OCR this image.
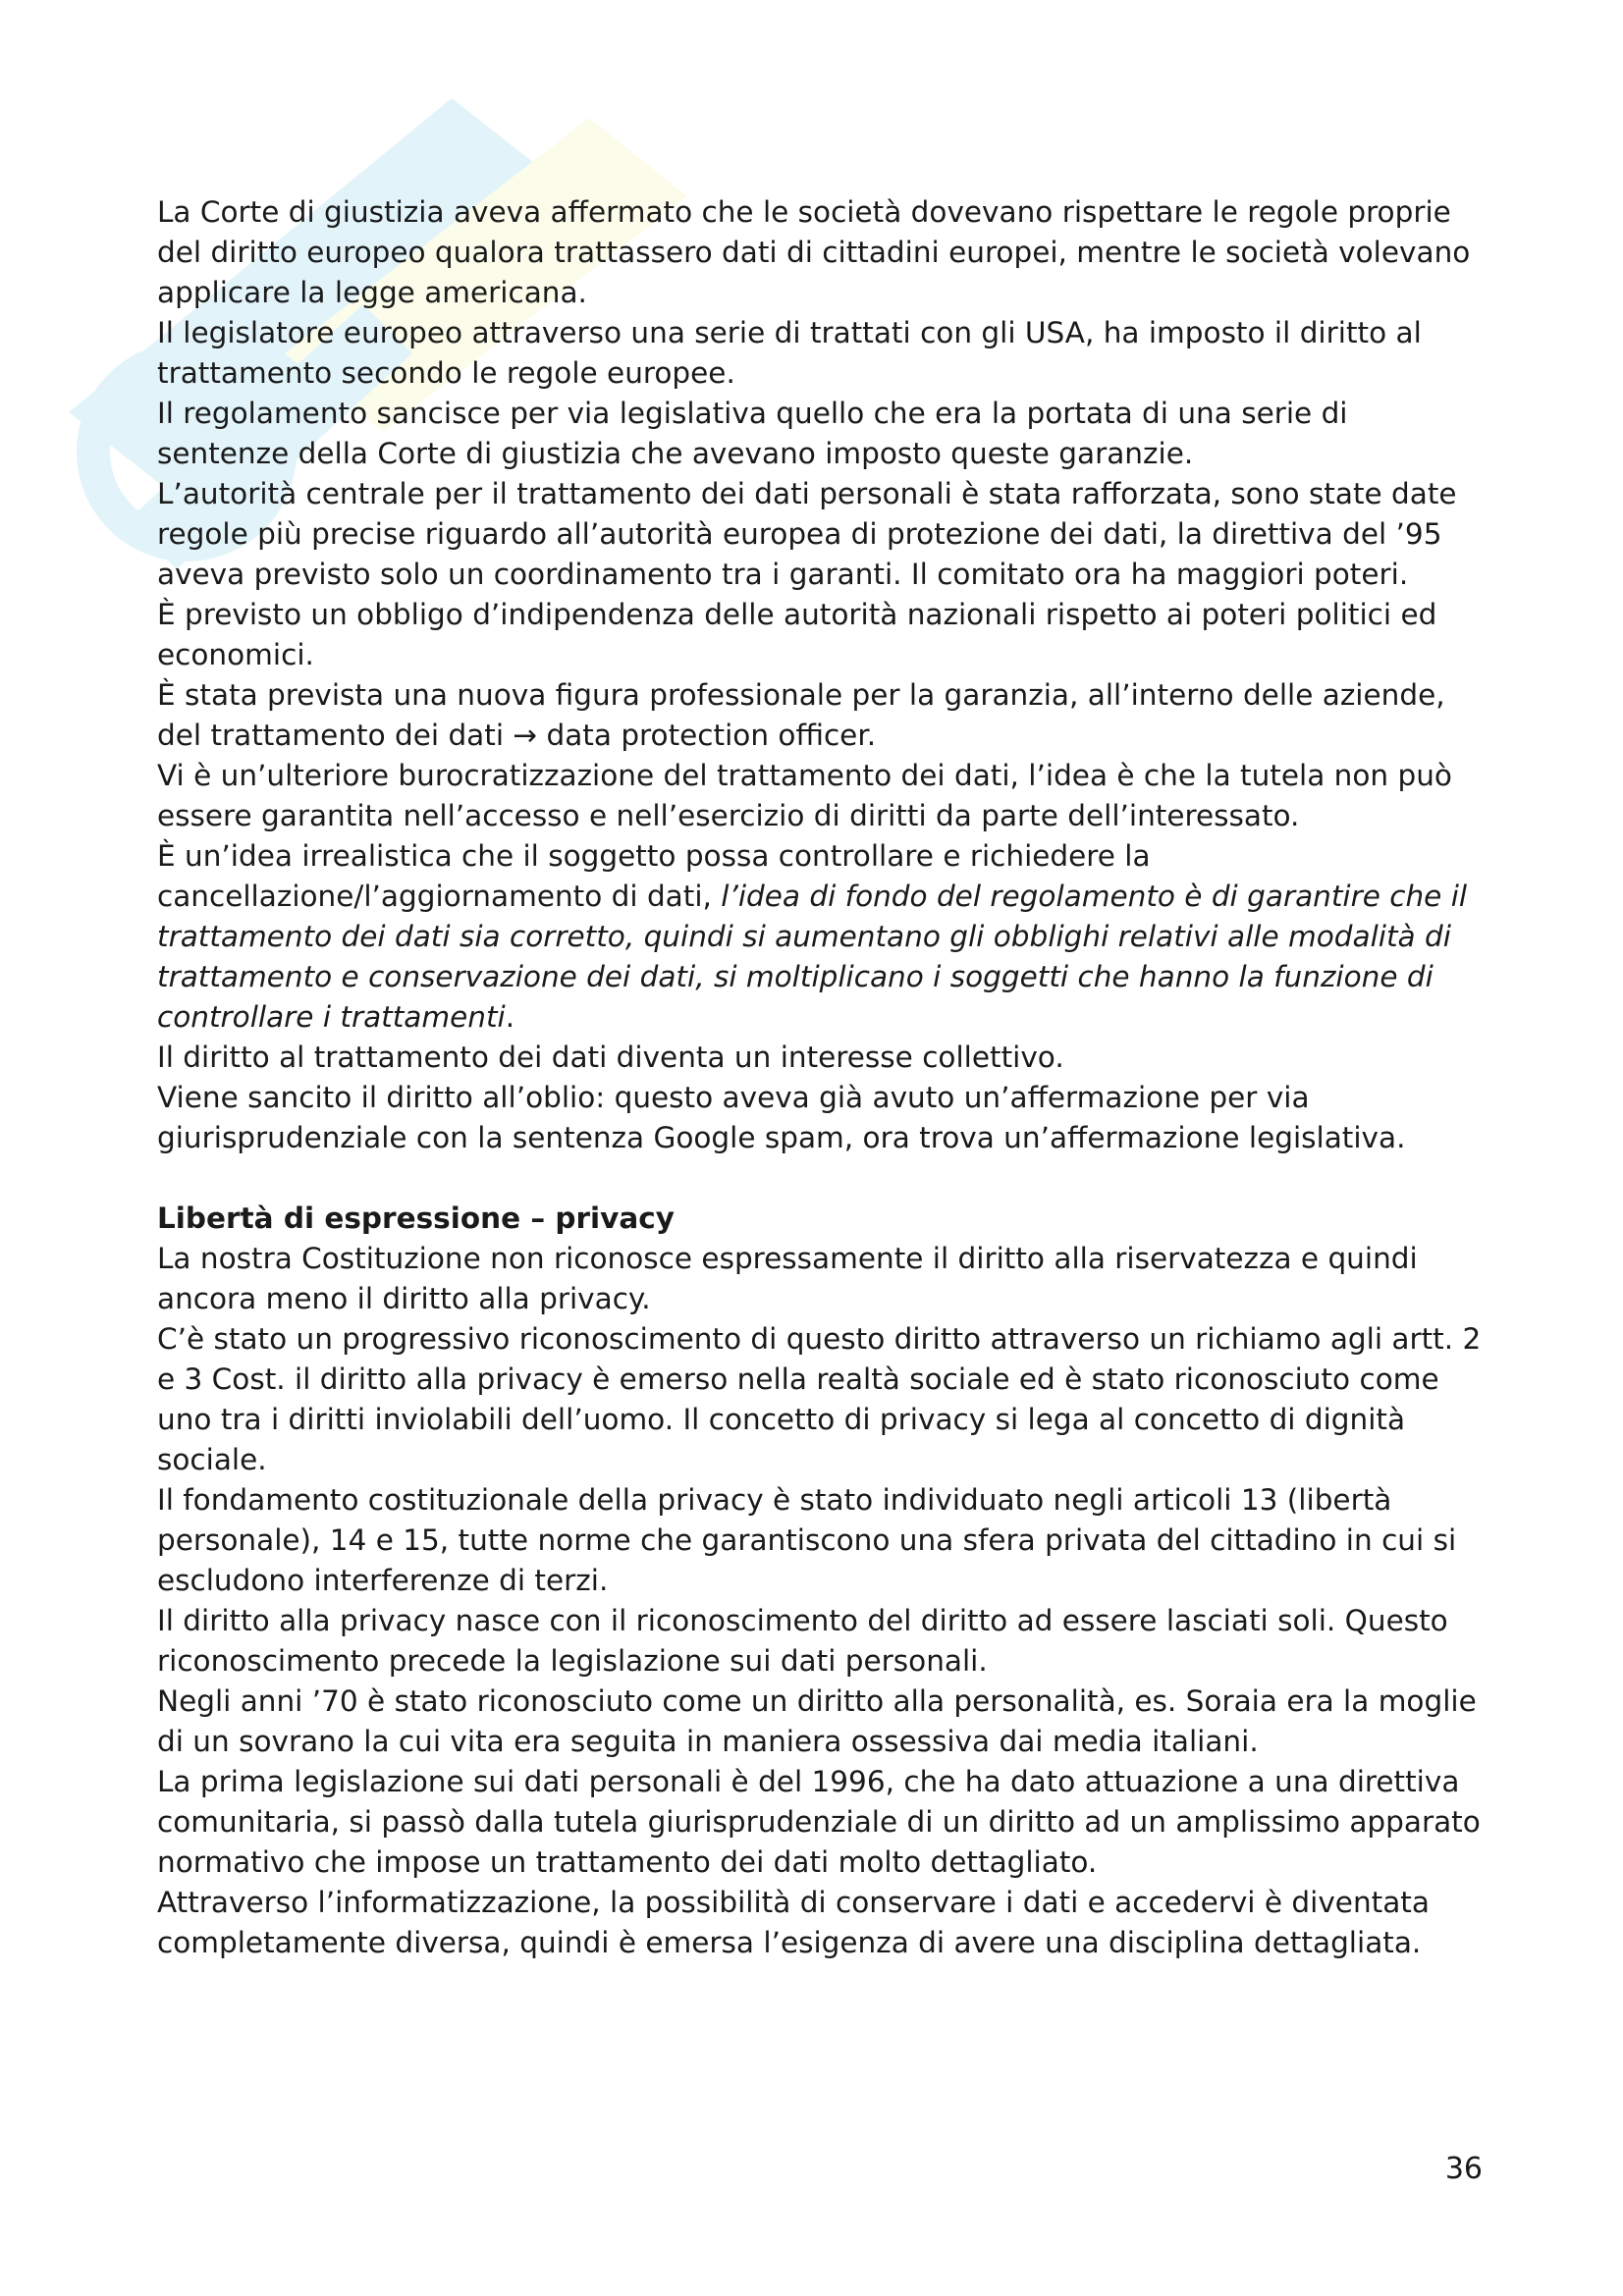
La Corte di giustizia aveva affermato che le società dovevano rispettare le regole proprie del diritto europeo qualora trattassero dati di cittadini europei, mentre le società volevano applicare la legge americana.

Il legislatore europeo attraverso una serie di trattati con gli USA, ha imposto il diritto al trattamento secondo le regole europee.

Il regolamento sancisce per via legislativa quello che era la portata di una serie di sentenze della Corte di giustizia che avevano imposto queste garanzie.

L’autorità centrale per il trattamento dei dati personali è stata rafforzata, sono state date regole più precise riguardo all’autorità europea di protezione dei dati, la direttiva del ’95 aveva previsto solo un coordinamento tra i garanti. Il comitato ora ha maggiori poteri.

È previsto un obbligo d’indipendenza delle autorità nazionali rispetto ai poteri politici ed economici.

È stata prevista una nuova figura professionale per la garanzia, all’interno delle aziende, del trattamento dei dati → data protection officer.

Vi è un’ulteriore burocratizzazione del trattamento dei dati, l’idea è che la tutela non può essere garantita nell’accesso e nell’esercizio di diritti da parte dell’interessato.

È un’idea irrealistica che il soggetto possa controllare e richiedere la cancellazione/l’aggiornamento di dati, l’idea di fondo del regolamento è di garantire che il trattamento dei dati sia corretto, quindi si aumentano gli obblighi relativi alle modalità di trattamento e conservazione dei dati, si moltiplicano i soggetti che hanno la funzione di controllare i trattamenti.

Il diritto al trattamento dei dati diventa un interesse collettivo.

Viene sancito il diritto all’oblio: questo aveva già avuto un’affermazione per via giurisprudenziale con la sentenza Google spam, ora trova un’affermazione legislativa.

Libertà di espressione – privacy

La nostra Costituzione non riconosce espressamente il diritto alla riservatezza e quindi ancora meno il diritto alla privacy.

C’è stato un progressivo riconoscimento di questo diritto attraverso un richiamo agli artt. 2 e 3 Cost. il diritto alla privacy è emerso nella realtà sociale ed è stato riconosciuto come uno tra i diritti inviolabili dell’uomo. Il concetto di privacy si lega al concetto di dignità sociale.

Il fondamento costituzionale della privacy è stato individuato negli articoli 13 (libertà personale), 14 e 15, tutte norme che garantiscono una sfera privata del cittadino in cui si escludono interferenze di terzi.

Il diritto alla privacy nasce con il riconoscimento del diritto ad essere lasciati soli. Questo riconoscimento precede la legislazione sui dati personali.

Negli anni ’70 è stato riconosciuto come un diritto alla personalità, es. Soraia era la moglie di un sovrano la cui vita era seguita in maniera ossessiva dai media italiani.

La prima legislazione sui dati personali è del 1996, che ha dato attuazione a una direttiva comunitaria, si passò dalla tutela giurisprudenziale di un diritto ad un amplissimo apparato normativo che impose un trattamento dei dati molto dettagliato.

Attraverso l’informatizzazione, la possibilità di conservare i dati e accedervi è diventata completamente diversa, quindi è emersa l’esigenza di avere una disciplina dettagliata.

36
